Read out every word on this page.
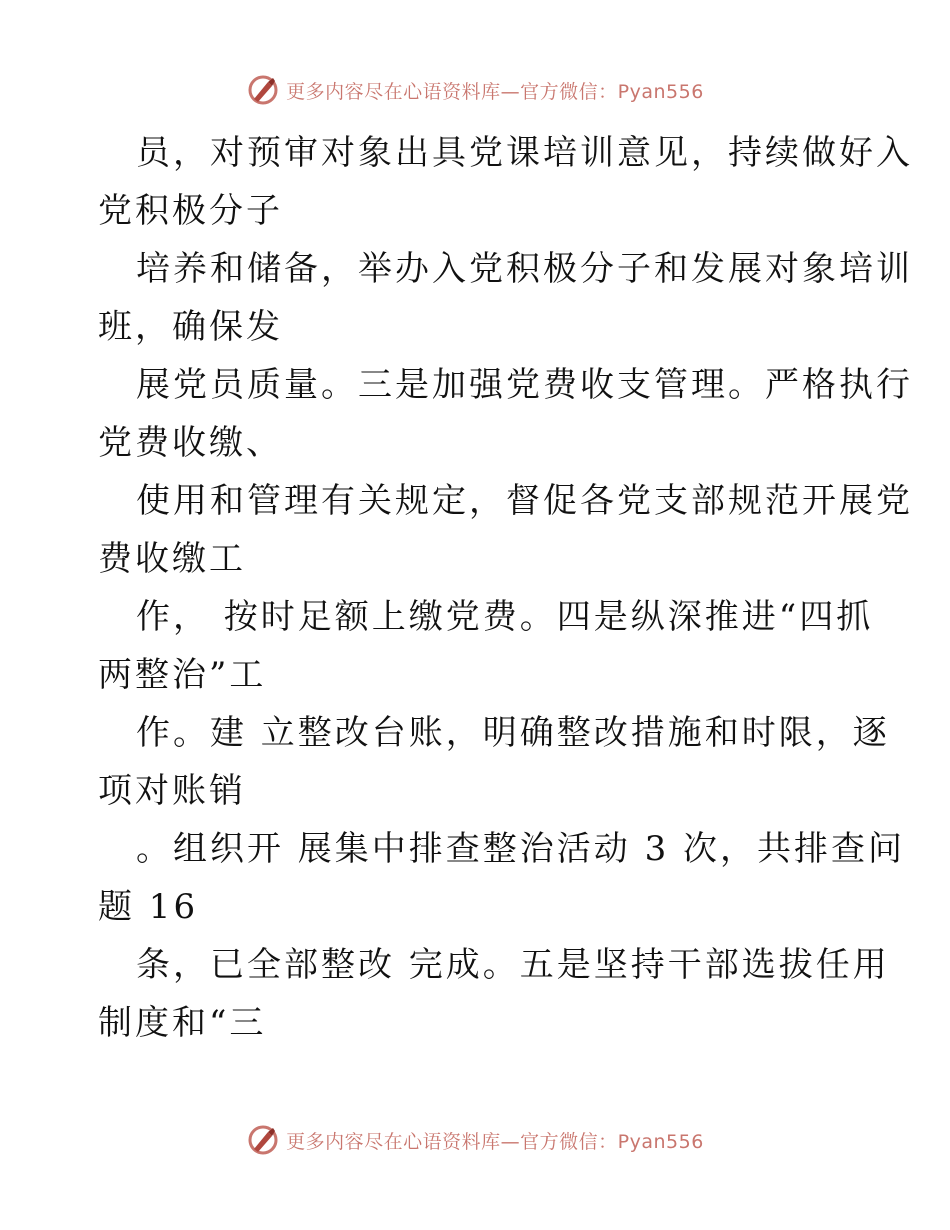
更多内容尽在心语资料库—官方微信：Pyan556
员，对预审对象出具党课培训意见，持续做好入
党积极分子
培养和储备，举办入党积极分子和发展对象培训
班，确保发
展党员质量。三是加强党费收支管理。严格执行
党费收缴、
使用和管理有关规定，督促各党支部规范开展党
费收缴工
作， 按时足额上缴党费。四是纵深推进“四抓
两整治”工
作。建 立整改台账，明确整改措施和时限，逐
项对账销
。组织开 展集中排查整治活动 3 次，共排查问
题 16
条，已全部整改 完成。五是坚持干部选拔任用
制度和“三
更多内容尽在心语资料库—官方微信：Pyan556
